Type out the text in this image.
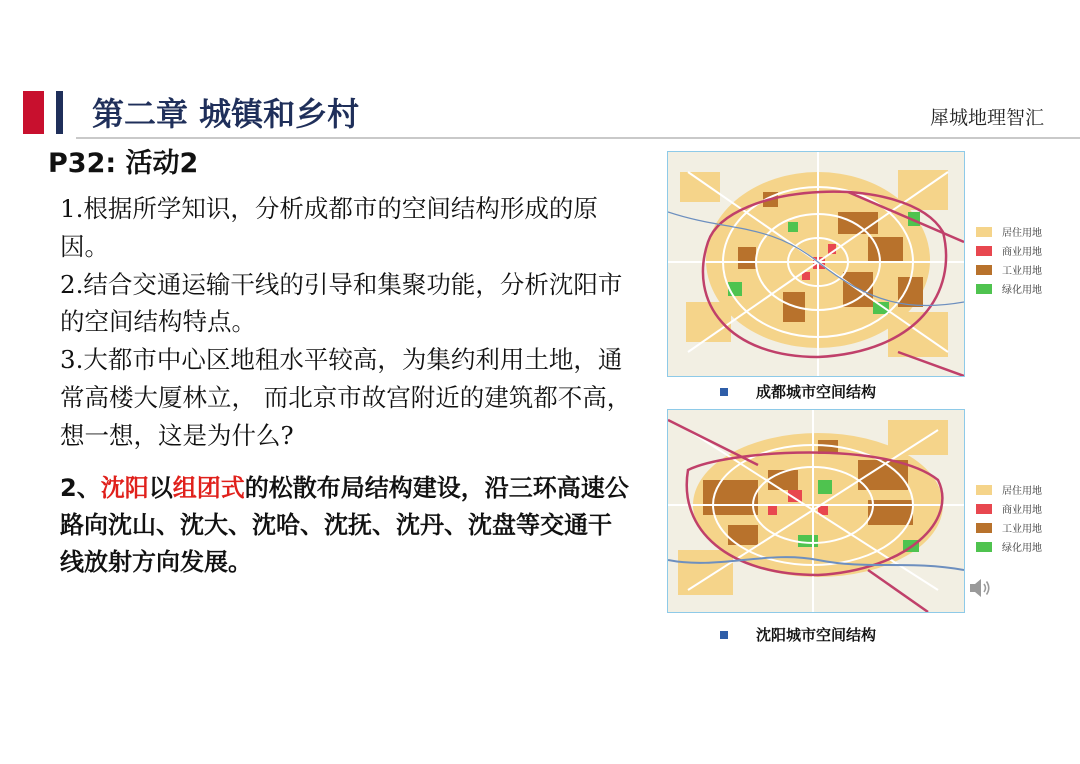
第二章 城镇和乡村	犀城地理智汇
P32: 活动2

1.根据所学知识，分析成都市的空间结构形成的原因。

2.结合交通运输干线的引导和集聚功能，分析沈阳市的空间结构特点。

3.大都市中心区地租水平较高，为集约利用土地，通常高楼大厦林立， 而北京市故宫附近的建筑都不高，想一想，这是为什么?

2、沈阳以组团式的松散布局结构建设，沿三环高速公路向沈山、沈大、沈哈、沈抚、沈丹、沈盘等交通干线放射方向发展。
居住用地
商业用地
工业用地
绿化用地
成都城市空间结构
居住用地
商业用地
工业用地
绿化用地
沈阳城市空间结构
